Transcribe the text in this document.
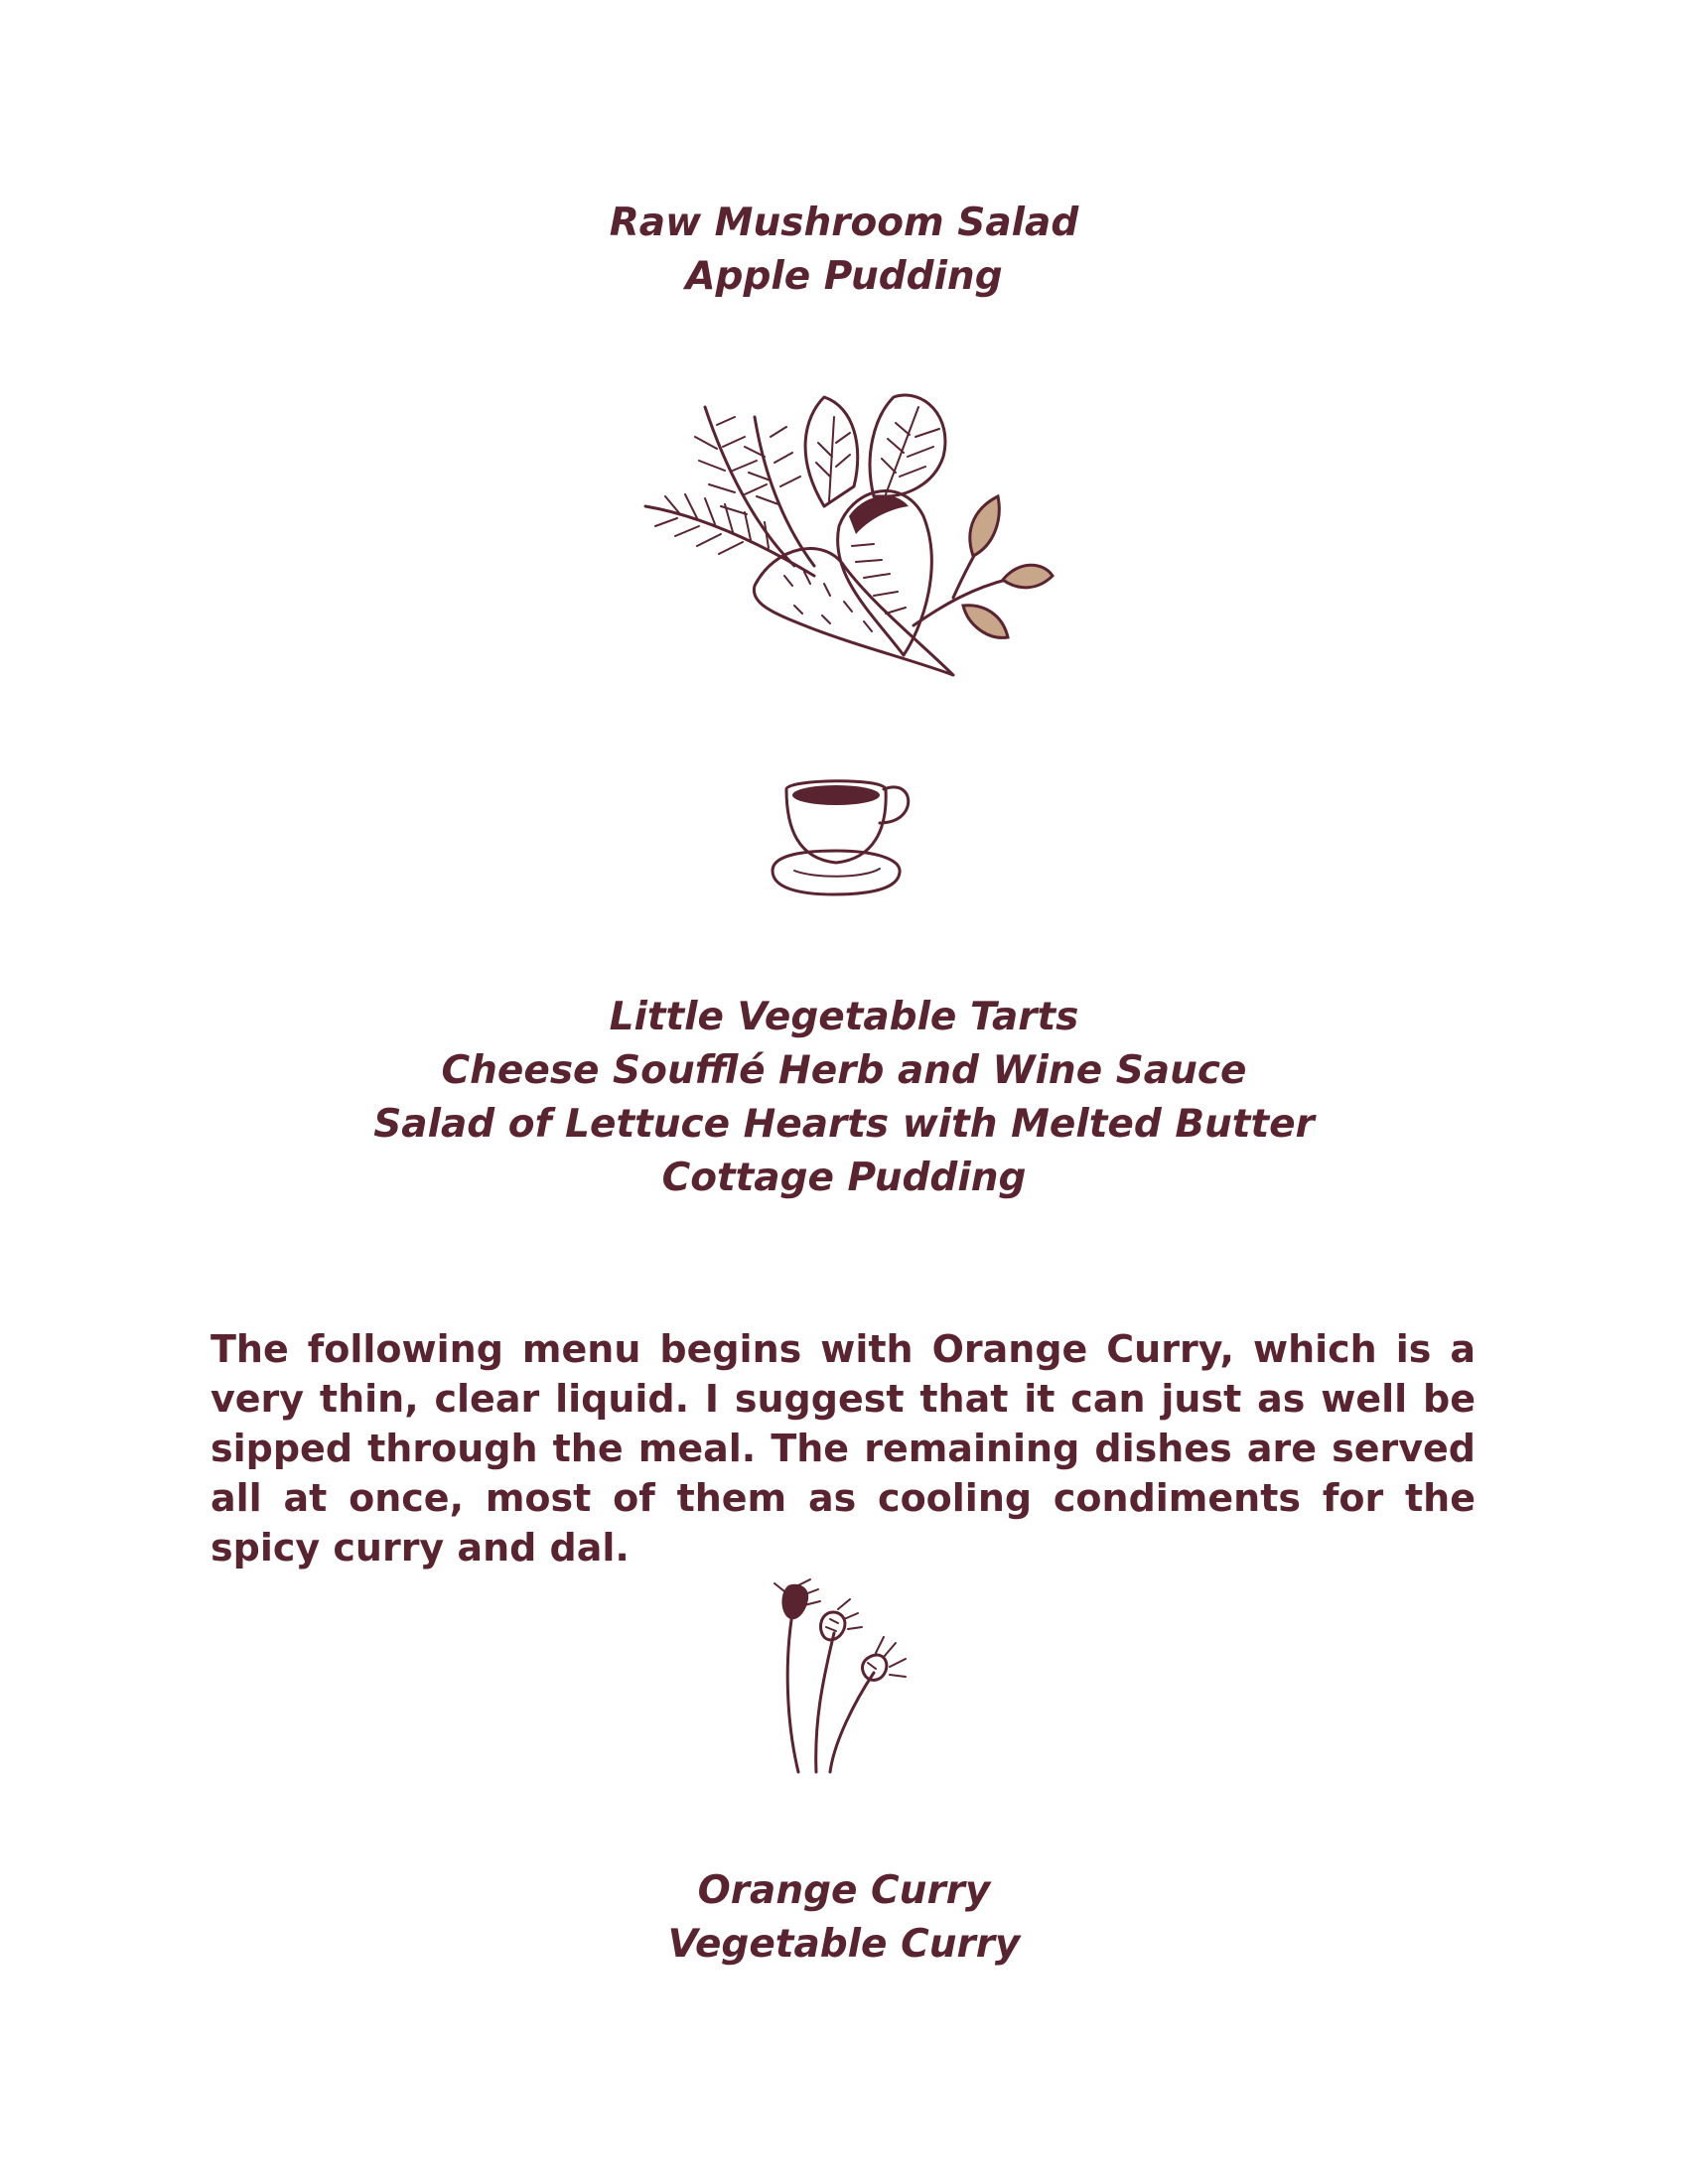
Raw Mushroom Salad
Apple Pudding
Little Vegetable Tarts
Cheese Soufflé Herb and Wine Sauce
Salad of Lettuce Hearts with Melted Butter
Cottage Pudding

The following menu begins with Orange Curry, which is a very thin, clear liquid. I suggest that it can just as well be sipped through the meal. The remaining dishes are served all at once, most of them as cooling condiments for the spicy curry and dal.

Orange Curry
Vegetable Curry
